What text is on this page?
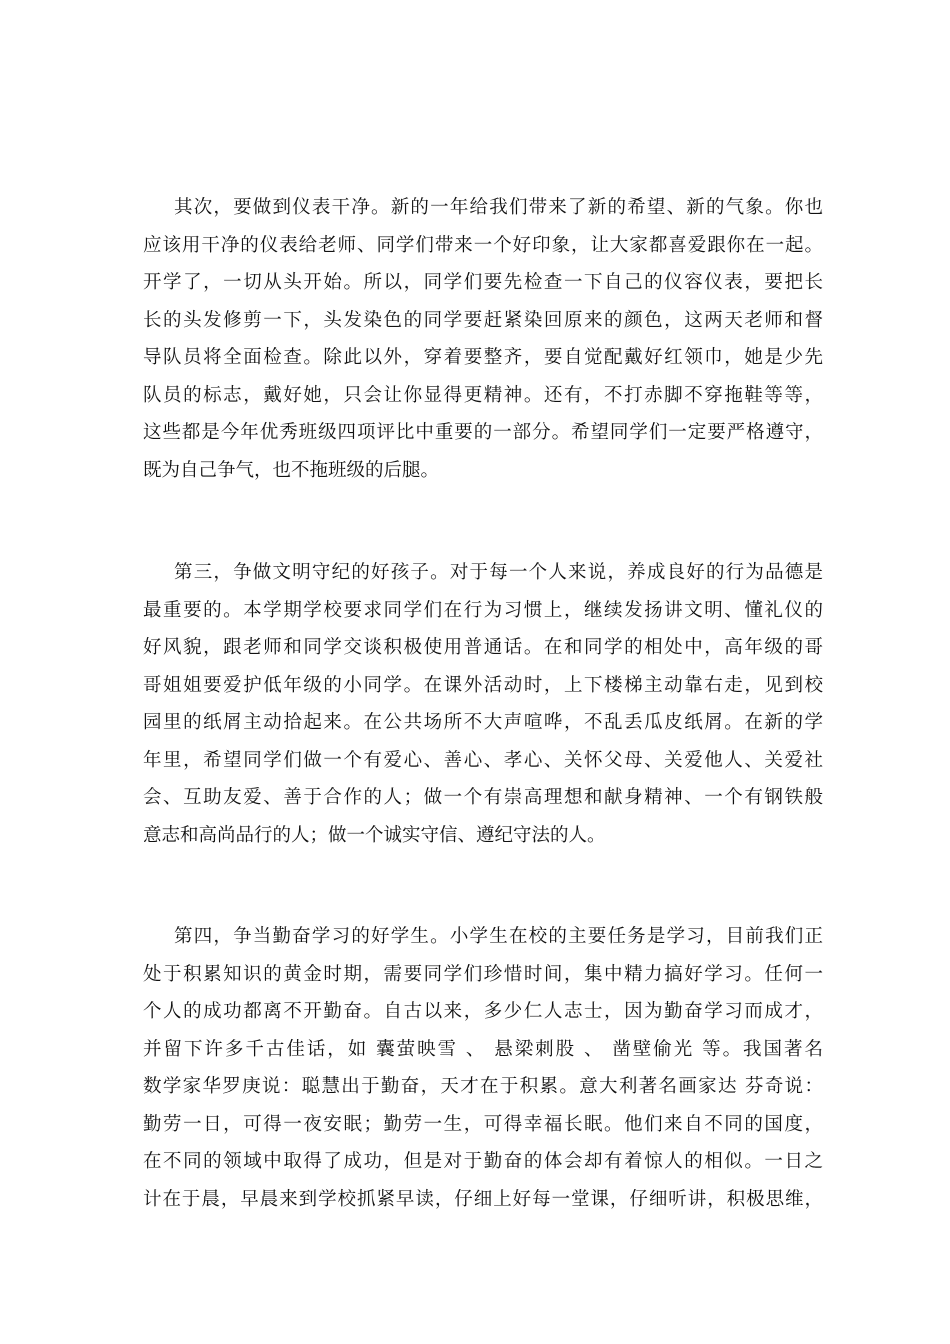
其次，要做到仪表干净。新的一年给我们带来了新的希望、新的气象。你也
应该用干净的仪表给老师、同学们带来一个好印象，让大家都喜爱跟你在一起。
开学了，一切从头开始。所以，同学们要先检查一下自己的仪容仪表，要把长
长的头发修剪一下，头发染色的同学要赶紧染回原来的颜色，这两天老师和督
导队员将全面检查。除此以外，穿着要整齐，要自觉配戴好红领巾，她是少先
队员的标志，戴好她，只会让你显得更精神。还有，不打赤脚不穿拖鞋等等，
这些都是今年优秀班级四项评比中重要的一部分。希望同学们一定要严格遵守，
既为自己争气，也不拖班级的后腿。
第三，争做文明守纪的好孩子。对于每一个人来说，养成良好的行为品德是
最重要的。本学期学校要求同学们在行为习惯上，继续发扬讲文明、懂礼仪的
好风貌，跟老师和同学交谈积极使用普通话。在和同学的相处中，高年级的哥
哥姐姐要爱护低年级的小同学。在课外活动时，上下楼梯主动靠右走，见到校
园里的纸屑主动拾起来。在公共场所不大声喧哗，不乱丢瓜皮纸屑。在新的学
年里，希望同学们做一个有爱心、善心、孝心、关怀父母、关爱他人、关爱社
会、互助友爱、善于合作的人；做一个有崇高理想和献身精神、一个有钢铁般
意志和高尚品行的人；做一个诚实守信、遵纪守法的人。
第四，争当勤奋学习的好学生。小学生在校的主要任务是学习，目前我们正
处于积累知识的黄金时期，需要同学们珍惜时间，集中精力搞好学习。任何一
个人的成功都离不开勤奋。自古以来，多少仁人志士，因为勤奋学习而成才，
并留下许多千古佳话，如 囊萤映雪 、 悬梁刺股 、 凿壁偷光 等。我国著名
数学家华罗庚说：聪慧出于勤奋，天才在于积累。意大利著名画家达 芬奇说：
勤劳一日，可得一夜安眠；勤劳一生，可得幸福长眠。他们来自不同的国度，
在不同的领域中取得了成功，但是对于勤奋的体会却有着惊人的相似。一日之
计在于晨，早晨来到学校抓紧早读，仔细上好每一堂课，仔细听讲，积极思维，
